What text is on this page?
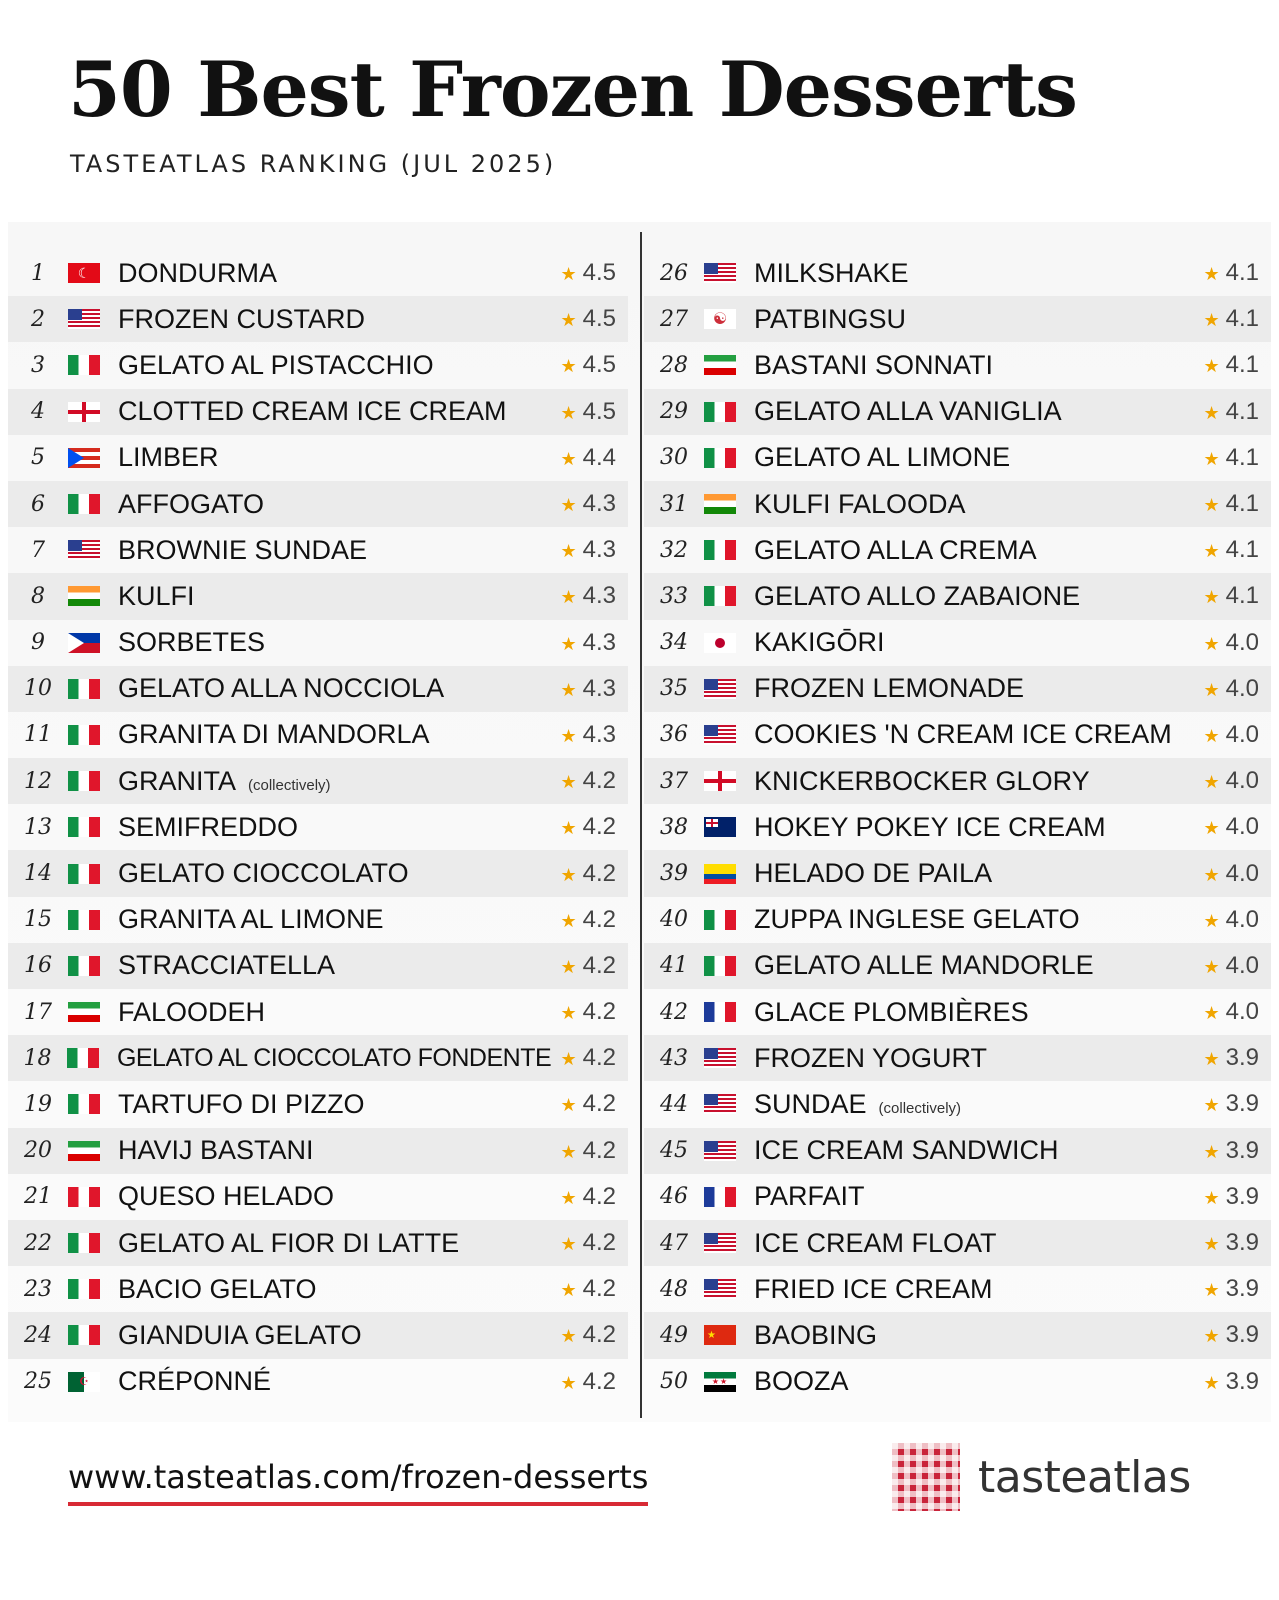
50 Best Frozen Desserts
TASTEATLAS RANKING (JUL 2025)
1	☾	DONDURMA	★ 4.5
2	FROZEN CUSTARD	★ 4.5
3	GELATO AL PISTACCHIO	★ 4.5
4	CLOTTED CREAM ICE CREAM	★ 4.5
5	LIMBER	★ 4.4
6	AFFOGATO	★ 4.3
7	BROWNIE SUNDAE	★ 4.3
8	KULFI	★ 4.3
9	SORBETES	★ 4.3
10	GELATO ALLA NOCCIOLA	★ 4.3
11	GRANITA DI MANDORLA	★ 4.3
12	GRANITA (collectively)	★ 4.2
13	SEMIFREDDO	★ 4.2
14	GELATO CIOCCOLATO	★ 4.2
15	GRANITA AL LIMONE	★ 4.2
16	STRACCIATELLA	★ 4.2
17	FALOODEH	★ 4.2
18	GELATO AL CIOCCOLATO FONDENTE ★ 4.2
19	TARTUFO DI PIZZO	★ 4.2
20	HAVIJ BASTANI	★ 4.2
21	QUESO HELADO	★ 4.2
22	GELATO AL FIOR DI LATTE	★ 4.2
23	BACIO GELATO	★ 4.2
24	GIANDUIA GELATO	★ 4.2
25	☪	CRÉPONNÉ	★ 4.2
26	MILKSHAKE	★ 4.1
27	☯ PATBINGSU	★ 4.1
28	BASTANI SONNATI	★ 4.1
29	GELATO ALLA VANIGLIA	★ 4.1
30	GELATO AL LIMONE	★ 4.1
31	KULFI FALOODA	★ 4.1
32	GELATO ALLA CREMA	★ 4.1
33	GELATO ALLO ZABAIONE	★ 4.1
34	KAKIGŌRI	★ 4.0
35	FROZEN LEMONADE	★ 4.0
36	COOKIES 'N CREAM ICE CREAM	★ 4.0
37	KNICKERBOCKER GLORY	★ 4.0
38	HOKEY POKEY ICE CREAM	★ 4.0
39	HELADO DE PAILA	★ 4.0
40	ZUPPA INGLESE GELATO	★ 4.0
41	GELATO ALLE MANDORLE	★ 4.0
42	GLACE PLOMBIÈRES	★ 4.0
43	FROZEN YOGURT	★ 3.9
44	SUNDAE (collectively)	★ 3.9
45	ICE CREAM SANDWICH	★ 3.9
46	PARFAIT	★ 3.9
47	ICE CREAM FLOAT	★ 3.9
48	FRIED ICE CREAM	★ 3.9
49	★	BAOBING	★ 3.9
50	★★ BOOZA	★ 3.9
www.tasteatlas.com/frozen-desserts	tasteatlas
